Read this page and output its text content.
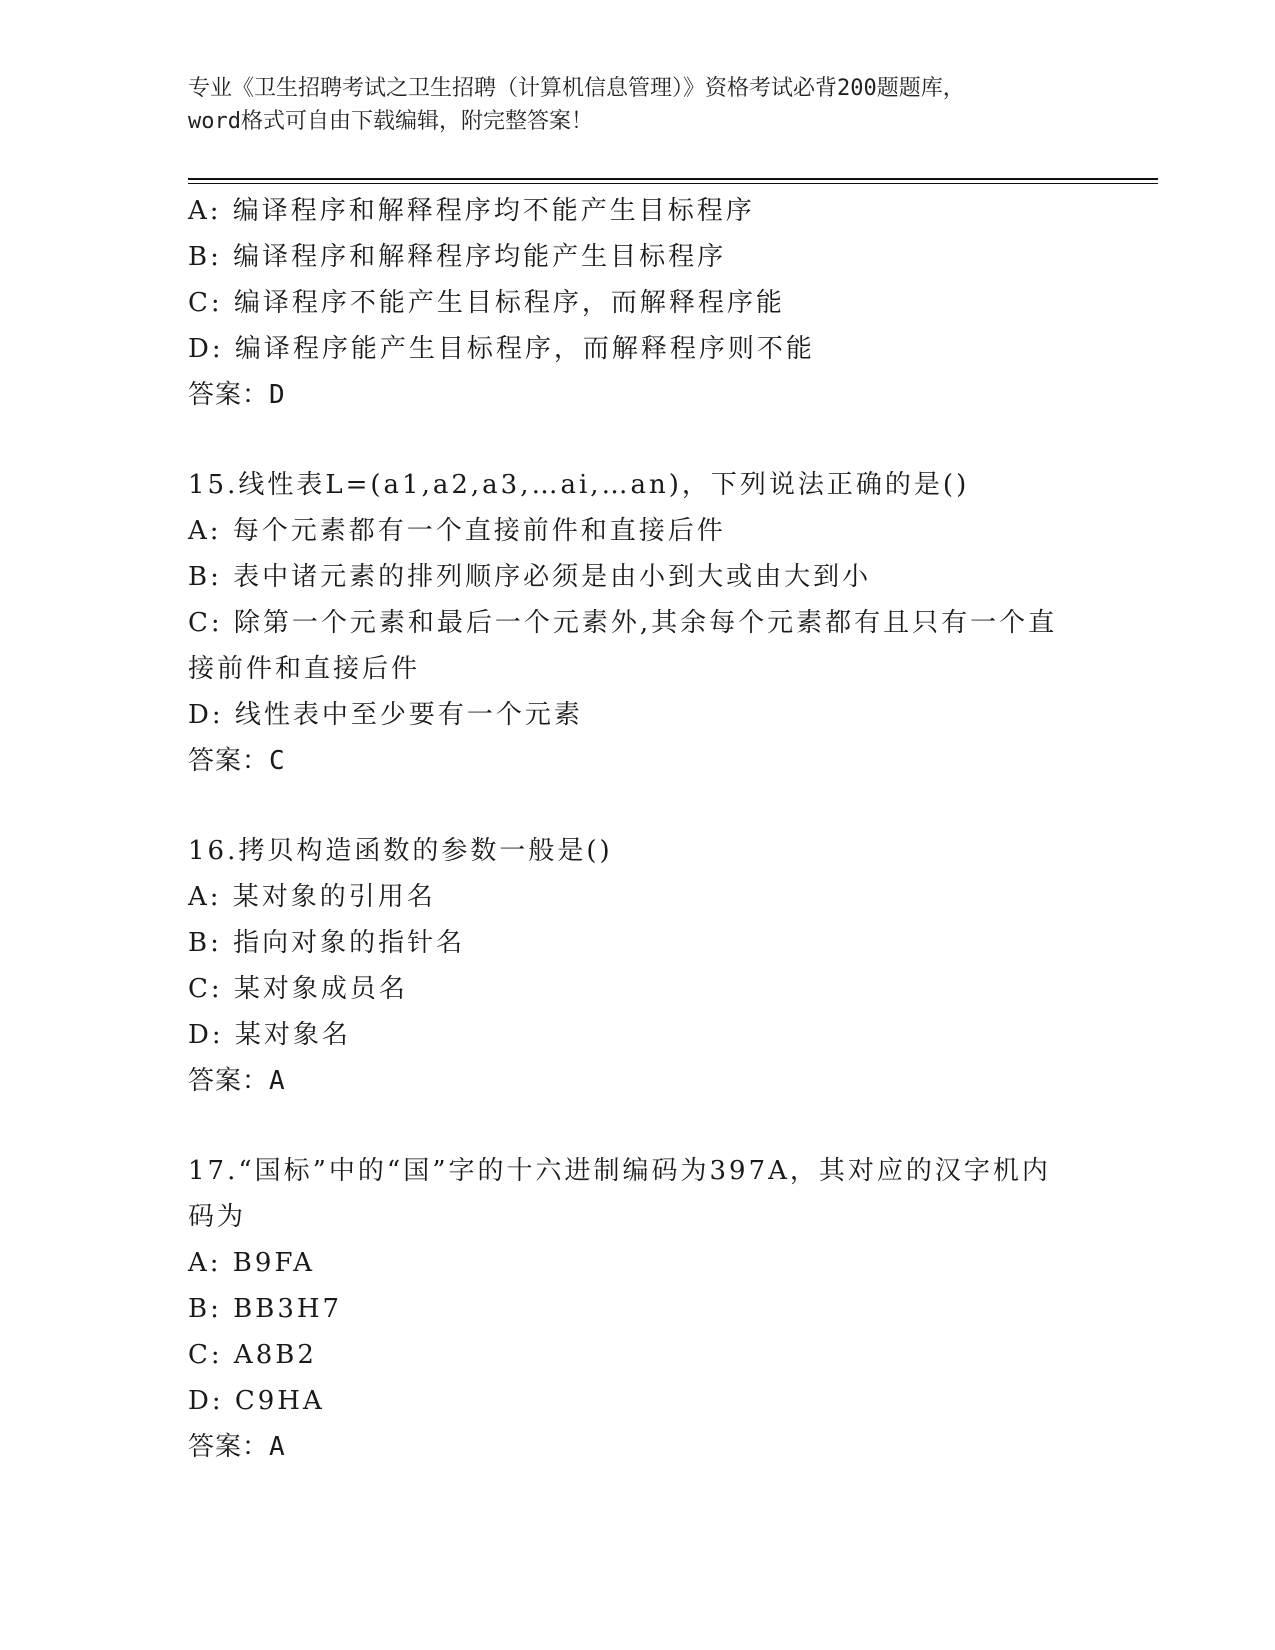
专业《卫生招聘考试之卫生招聘（计算机信息管理）》资格考试必背200题题库，
word格式可自由下载编辑，附完整答案！
A: 编译程序和解释程序均不能产生目标程序
B: 编译程序和解释程序均能产生目标程序
C: 编译程序不能产生目标程序，而解释程序能
D: 编译程序能产生目标程序，而解释程序则不能
答案：D
15.线性表L=(a1,a2,a3,…ai,…an)，下列说法正确的是()
A: 每个元素都有一个直接前件和直接后件
B: 表中诸元素的排列顺序必须是由小到大或由大到小
C: 除第一个元素和最后一个元素外,其余每个元素都有且只有一个直
接前件和直接后件
D: 线性表中至少要有一个元素
答案：C
16.拷贝构造函数的参数一般是()
A: 某对象的引用名
B: 指向对象的指针名
C: 某对象成员名
D: 某对象名
答案：A
17.“国标”中的“国”字的十六进制编码为397A，其对应的汉字机内
码为
A: B9FA
B: BB3H7
C: A8B2
D: C9HA
答案：A
